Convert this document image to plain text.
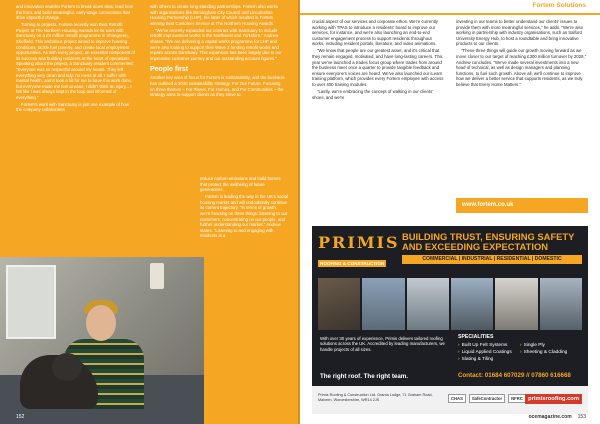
and innovation enables Fortem to break down silos, lead from the front, and build meaningful, early-stage connections that drive impactful change.

Turning to projects, Fortem recently won Best Retrofit Project at The Northern Housing Awards for its work with Sanctuary on a £9 million retrofit programme in Shiregreen, Sheffield. This ambitious project aimed to improve housing conditions, tackle fuel poverty, and create local employment opportunities. As with every project, an essential component of its success was building residents at the heart of operations. Speaking about the project, a Sanctuary resident commented: "Everyone was so respectful around my house. They left everything very clean and tidy; no mess at all. I suffer with mental health, and it took a lot for me to have this work done, but everyone made me feel at ease; I didn't think an injury... I felt like I was always kept in the loop and informed of everything."

Fortem's work with Sanctuary is just one example of how the company collaborates

with others to create long-standing partnerships. Fortem also works with organisations like Birmingham City Council and Lincolnshire Housing Partnership (LHP), the latter of which resulted in Fortem winning Best Customer Service at The Northern Housing Awards.

"We've recently expanded our contract with Sanctuary to include retrofit improvement works in the Northwest and Yorkshire," Andrew shares. "We are delivering a capital works programme for LHP and we're also looking to support their Wave 3 funding retrofit works and repairs across Sanctuary. This expansion has been largely due to our impressive customer journey and our outstanding account figures."

People first

Another key area of focus for Fortem is sustainability, and the business has outlined a 2030 sustainability strategy: For Our Future. Focusing on three themes – For Planet, For Homes, and For Communities – the strategy aims to support clients as they strive to

reduce carbon emissions and build homes that protect the wellbeing of future generations.

Fortem is leading the way in the UK's social housing market and will undoubtedly continue its current trajectory. "In terms of growth, we're focusing on three things: listening to our customers, concentrating on our people, and further understanding our market," Andrew states. "Listening to and engaging with residents is a

152
Fortem Solutions

crucial aspect of our services and corporate ethos. We're currently working with TPAS to introduce a residents' board to improve our services, for instance, and we're also launching an end-to-end customer engagement process to support residents throughout works, including resident portals, literature, and video animations.

"We know that people are our greatest asset, and it's critical that they remain engaged, motivated, and have long-lasting careers. This year we've launched a trades focus group where trades from around the business meet once a quarter to provide tangible feedback and ensure everyone's voices are heard. We've also launched our iLearn training platform, which provides every Fortem employee with access to over 400 training modules.

"Lastly, we're embracing the concept of walking in our clients' shoes, and we're

investing in our teams to better understand our clients' issues to provide them with more meaningful services," he adds. "We're also working in partnership with industry organisations, such as Salford University Energy Hub, to host a roundtable and bring innovative products to our clients.

"These three things will guide our growth moving forward as we move closer to our target of reaching £300 million turnover by 2028," Andrew concludes. "We've made several investments into a new head of technical, as well as design managers and planning functions, to fuel such growth. Above all, we'll continue to improve how we deliver a better service that supports residents, as we truly believe that Every Home Matters."

www.fortem.co.uk
PRIMIS
ROOFING & CONSTRUCTION
BUILDING TRUST, ENSURING SAFETY AND EXCEEDING EXPECTATION
COMMERCIAL | INDUSTRIAL | RESIDENTIAL | DOMESTIC
With over 30 years of experience, Primis delivers tailored roofing solutions across the UK. Accredited by leading manufacturers, we handle projects of all sizes.
SPECIALITIES
› Built Up Felt Systems	› Single Ply
› Liquid Applied Coatings	› Sheeting & Cladding
› Slating & Tiling
The right roof. The right team.	Contact: 01684 607029 // 07860 616668
Primis Roofing & Construction Ltd, Granta Lodge, 71 Graham Road, Malvern, Worcestershire, WR14 2JS	CHAS	SafeContractor	NFRC primisroofing.com
ocemagazine.com 153
